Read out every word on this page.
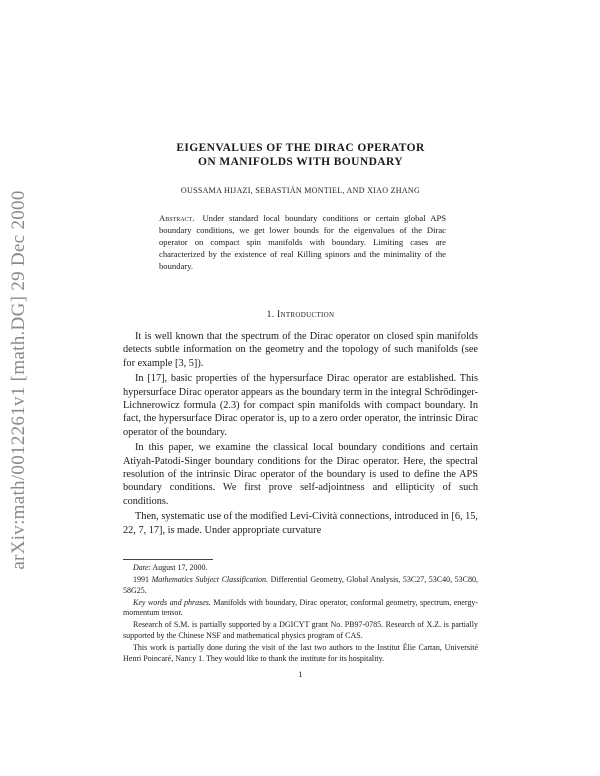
arXiv:math/0012261v1 [math.DG] 29 Dec 2000
EIGENVALUES OF THE DIRAC OPERATOR
ON MANIFOLDS WITH BOUNDARY
OUSSAMA HIJAZI, SEBASTIÁN MONTIEL, AND XIAO ZHANG
Abstract. Under standard local boundary conditions or certain global APS boundary conditions, we get lower bounds for the eigenvalues of the Dirac operator on compact spin manifolds with boundary. Limiting cases are characterized by the existence of real Killing spinors and the minimality of the boundary.
1. Introduction

It is well known that the spectrum of the Dirac operator on closed spin manifolds detects subtle information on the geometry and the topology of such manifolds (see for example [3, 5]).

In [17], basic properties of the hypersurface Dirac operator are established. This hypersurface Dirac operator appears as the boundary term in the integral Schrödinger-Lichnerowicz formula (2.3) for compact spin manifolds with compact boundary. In fact, the hypersurface Dirac operator is, up to a zero order operator, the intrinsic Dirac operator of the boundary.

In this paper, we examine the classical local boundary conditions and certain Atiyah-Patodi-Singer boundary conditions for the Dirac operator. Here, the spectral resolution of the intrinsic Dirac operator of the boundary is used to define the APS boundary conditions. We first prove self-adjointness and ellipticity of such conditions.

Then, systematic use of the modified Levi-Cività connections, introduced in [6, 15, 22, 7, 17], is made. Under appropriate curvature

Date: August 17, 2000.

1991 Mathematics Subject Classification. Differential Geometry, Global Analysis, 53C27, 53C40, 53C80, 58G25.

Key words and phrases. Manifolds with boundary, Dirac operator, conformal geometry, spectrum, energy-momentum tensor.

Research of S.M. is partially supported by a DGICYT grant No. PB97-0785. Research of X.Z. is partially supported by the Chinese NSF and mathematical physics program of CAS.

This work is partially done during the visit of the last two authors to the Institut Élie Cartan, Université Henri Poincaré, Nancy 1. They would like to thank the institute for its hospitality.

1
